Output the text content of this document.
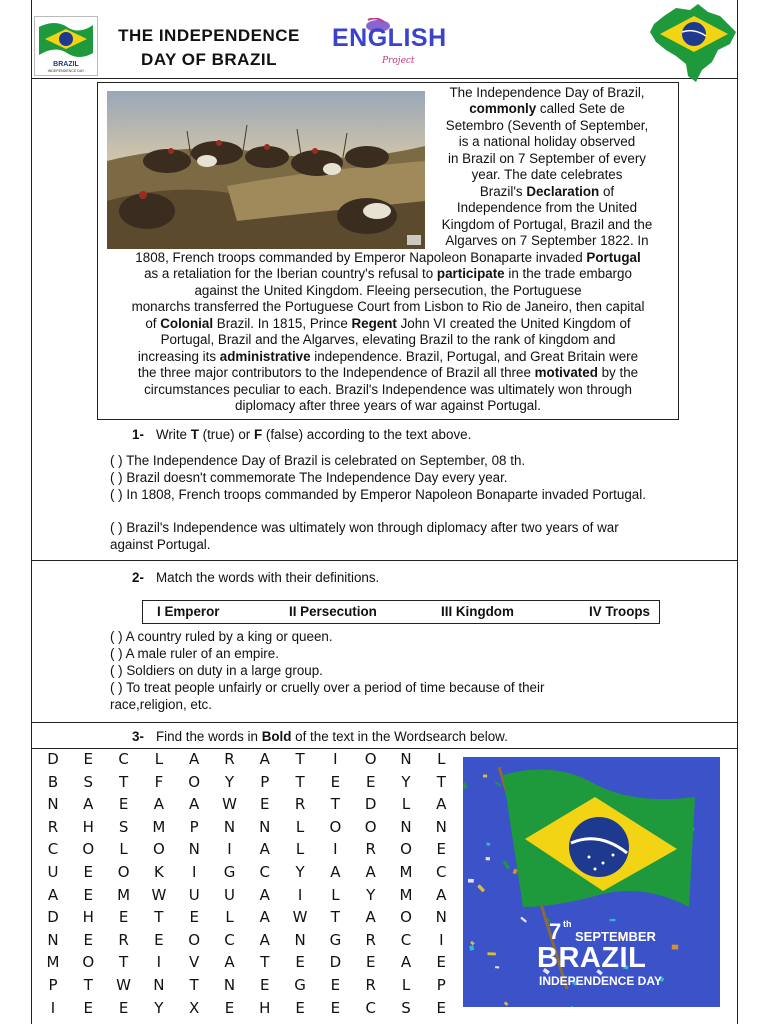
BRAZIL
INDEPENDENCE DAY
THE INDEPENDENCE
DAY OF BRAZIL
ENGLISH
Project
The Independence Day of Brazil,
commonly called Sete de
Setembro (Seventh of September,
is a national holiday observed
in Brazil on 7 September of every
year. The date celebrates
Brazil's Declaration of
Independence from the United
Kingdom of Portugal, Brazil and the
Algarves on 7 September 1822. In
1808, French troops commanded by Emperor Napoleon Bonaparte invaded Portugal
as a retaliation for the Iberian country's refusal to participate in the trade embargo
against the United Kingdom. Fleeing persecution, the Portuguese
monarchs transferred the Portuguese Court from Lisbon to Rio de Janeiro, then capital
of Colonial Brazil. In 1815, Prince Regent John VI created the United Kingdom of
Portugal, Brazil and the Algarves, elevating Brazil to the rank of kingdom and
increasing its administrative independence. Brazil, Portugal, and Great Britain were
the three major contributors to the Independence of Brazil all three motivated by the
circumstances peculiar to each. Brazil's Independence was ultimately won through
diplomacy after three years of war against Portugal.
1- Write T (true) or F (false) according to the text above.
( ) The Independence Day of Brazil is celebrated on September, 08 th.
( ) Brazil doesn't commemorate The Independence Day every year.
( ) In 1808, French troops commanded by Emperor Napoleon Bonaparte invaded Portugal.
( ) Brazil's Independence was ultimately won through diplomacy after two years of war against Portugal.
2- Match the words with their definitions.
I Emperor	II Persecution	III Kingdom	IV Troops
( ) A country ruled by a king or queen.
( ) A male ruler of an empire.
( ) Soldiers on duty in a large group.
( ) To treat people unfairly or cruelly over a period of time because of their race,religion, etc.
3- Find the words in Bold of the text in the Wordsearch below.
D	E	C	L	A	R	A	T	I	O	N	L
B	S	T	F	O	Y	P	T	E	E	Y	T
N	A	E	A	A	W	E	R	T	D	L	A
R	H	S	M	P	N	N	L	O	O	N	N
C	O	L	O	N	I	A	L	I	R	O	E
U	E	O	K	I	G	C	Y	A	A	M	C
A	E	M	W	U	U	A	I	L	Y	M	A
D	H	E	T	E	L	A	W	T	A	O	N
N	E	R	E	O	C	A	N	G	R	C	I
M	O	T	I	V	A	T	E	D	E	A	E
P	T	W	N	T	N	E	G	E	R	L	P
I	E	E	Y	X	E	H	E	E	C	S	E
7 th
SEPTEMBER
BRAZIL
INDEPENDENCE DAY
